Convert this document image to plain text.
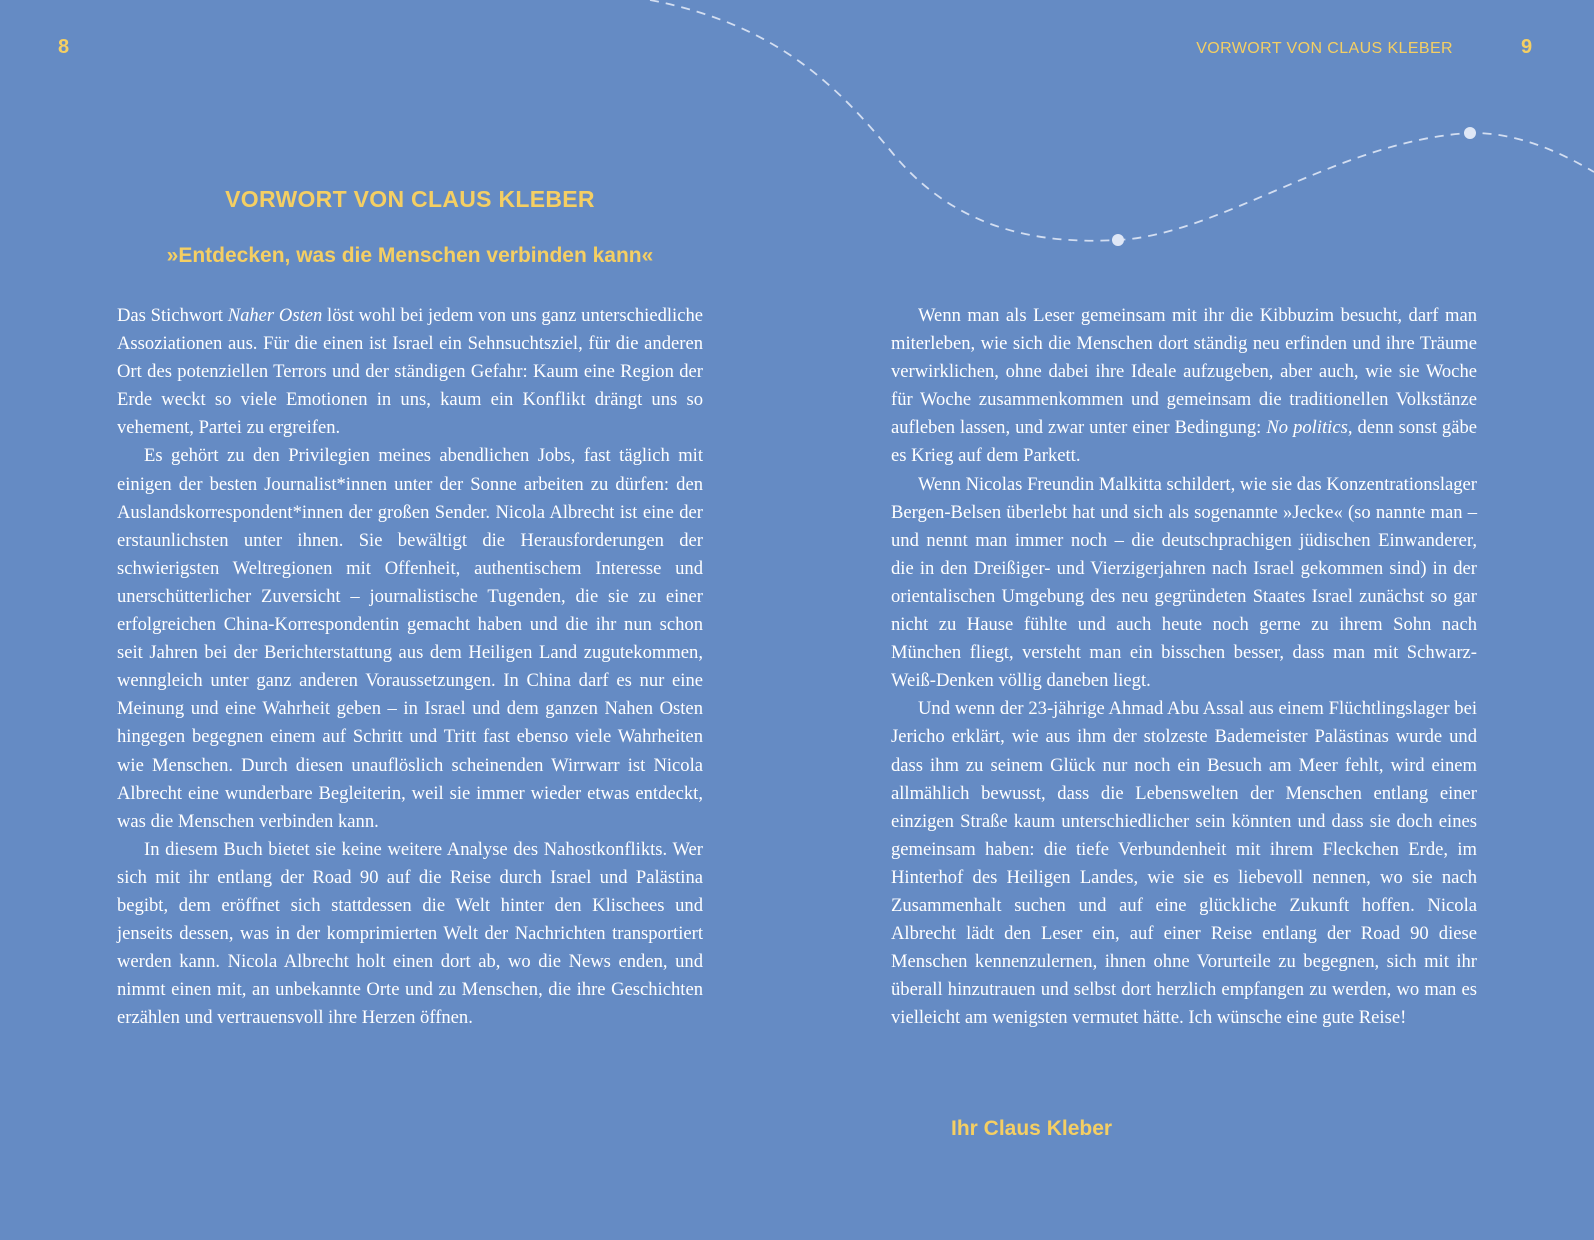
8	VORWORT VON CLAUS KLEBER	9
VORWORT VON CLAUS KLEBER
»Entdecken, was die Menschen verbinden kann«

Das Stichwort Naher Osten löst wohl bei jedem von uns ganz unterschiedliche Assoziationen aus. Für die einen ist Israel ein Sehnsuchtsziel, für die anderen Ort des potenziellen Terrors und der ständigen Gefahr: Kaum eine Region der Erde weckt so viele Emotionen in uns, kaum ein Konflikt drängt uns so vehement, Partei zu ergreifen.

Es gehört zu den Privilegien meines abendlichen Jobs, fast täglich mit einigen der besten Journalist*innen unter der Sonne arbeiten zu dürfen: den Auslandskorrespondent*innen der großen Sender. Nicola Albrecht ist eine der erstaunlichsten unter ihnen. Sie bewältigt die Herausforderungen der schwierigsten Weltregionen mit Offenheit, authentischem Interesse und unerschütterlicher Zuversicht – journalistische Tugenden, die sie zu einer erfolgreichen China-Korrespondentin gemacht haben und die ihr nun schon seit Jahren bei der Berichterstattung aus dem Heiligen Land zugutekommen, wenngleich unter ganz anderen Voraussetzungen. In China darf es nur eine Meinung und eine Wahrheit geben – in Israel und dem ganzen Nahen Osten hingegen begegnen einem auf Schritt und Tritt fast ebenso viele Wahrheiten wie Menschen. Durch diesen unauflöslich scheinenden Wirrwarr ist Nicola Albrecht eine wunderbare Begleiterin, weil sie immer wieder etwas entdeckt, was die Menschen verbinden kann.

In diesem Buch bietet sie keine weitere Analyse des Nahostkonflikts. Wer sich mit ihr entlang der Road 90 auf die Reise durch Israel und Palästina begibt, dem eröffnet sich stattdessen die Welt hinter den Klischees und jenseits dessen, was in der komprimierten Welt der Nachrichten transportiert werden kann. Nicola Albrecht holt einen dort ab, wo die News enden, und nimmt einen mit, an unbekannte Orte und zu Menschen, die ihre Geschichten erzählen und vertrauensvoll ihre Herzen öffnen.

Wenn man als Leser gemeinsam mit ihr die Kibbuzim besucht, darf man miterleben, wie sich die Menschen dort ständig neu erfinden und ihre Träume verwirklichen, ohne dabei ihre Ideale aufzugeben, aber auch, wie sie Woche für Woche zusammenkommen und gemeinsam die traditionellen Volkstänze aufleben lassen, und zwar unter einer Bedingung: No politics, denn sonst gäbe es Krieg auf dem Parkett.

Wenn Nicolas Freundin Malkitta schildert, wie sie das Konzentrationslager Bergen-Belsen überlebt hat und sich als sogenannte »Jecke« (so nannte man – und nennt man immer noch – die deutschprachigen jüdischen Einwanderer, die in den Dreißiger- und Vierzigerjahren nach Israel gekommen sind) in der orientalischen Umgebung des neu gegründeten Staates Israel zunächst so gar nicht zu Hause fühlte und auch heute noch gerne zu ihrem Sohn nach München fliegt, versteht man ein bisschen besser, dass man mit Schwarz-Weiß-Denken völlig daneben liegt.

Und wenn der 23-jährige Ahmad Abu Assal aus einem Flüchtlingslager bei Jericho erklärt, wie aus ihm der stolzeste Bademeister Palästinas wurde und dass ihm zu seinem Glück nur noch ein Besuch am Meer fehlt, wird einem allmählich bewusst, dass die Lebenswelten der Menschen entlang einer einzigen Straße kaum unterschiedlicher sein könnten und dass sie doch eines gemeinsam haben: die tiefe Verbundenheit mit ihrem Fleckchen Erde, im Hinterhof des Heiligen Landes, wie sie es liebevoll nennen, wo sie nach Zusammenhalt suchen und auf eine glückliche Zukunft hoffen. Nicola Albrecht lädt den Leser ein, auf einer Reise entlang der Road 90 diese Menschen kennenzulernen, ihnen ohne Vorurteile zu begegnen, sich mit ihr überall hinzutrauen und selbst dort herzlich empfangen zu werden, wo man es vielleicht am wenigsten vermutet hätte. Ich wünsche eine gute Reise!

Ihr Claus Kleber
